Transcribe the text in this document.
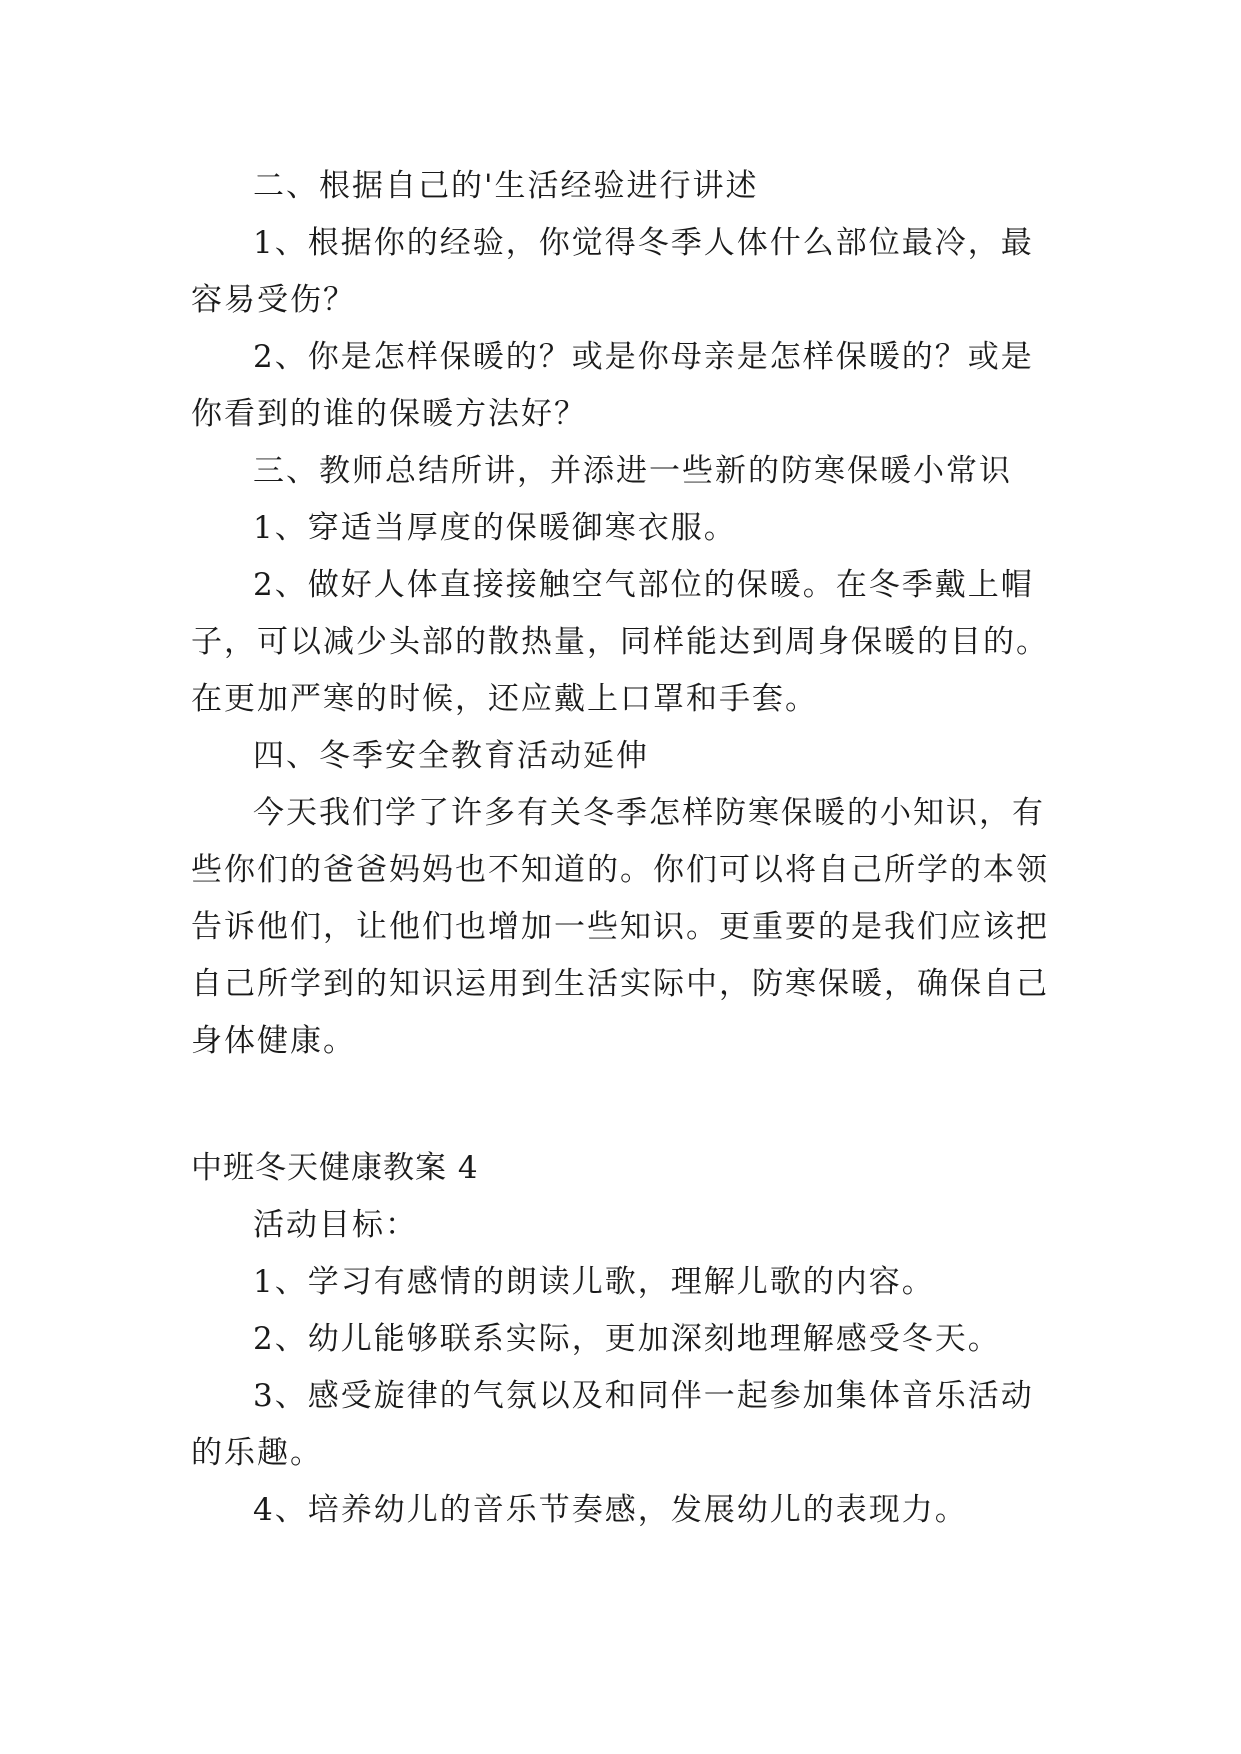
二、根据自己的'生活经验进行讲述
1、根据你的经验，你觉得冬季人体什么部位最冷，最
容易受伤？
2、你是怎样保暖的？或是你母亲是怎样保暖的？或是
你看到的谁的保暖方法好？
三、教师总结所讲，并添进一些新的防寒保暖小常识
1、穿适当厚度的保暖御寒衣服。
2、做好人体直接接触空气部位的保暖。在冬季戴上帽
子，可以减少头部的散热量，同样能达到周身保暖的目的。
在更加严寒的时候，还应戴上口罩和手套。
四、冬季安全教育活动延伸
今天我们学了许多有关冬季怎样防寒保暖的小知识，有
些你们的爸爸妈妈也不知道的。你们可以将自己所学的本领
告诉他们，让他们也增加一些知识。更重要的是我们应该把
自己所学到的知识运用到生活实际中，防寒保暖，确保自己
身体健康。
中班冬天健康教案 4
活动目标：
1、学习有感情的朗读儿歌，理解儿歌的内容。
2、幼儿能够联系实际，更加深刻地理解感受冬天。
3、感受旋律的气氛以及和同伴一起参加集体音乐活动
的乐趣。
4、培养幼儿的音乐节奏感，发展幼儿的表现力。
